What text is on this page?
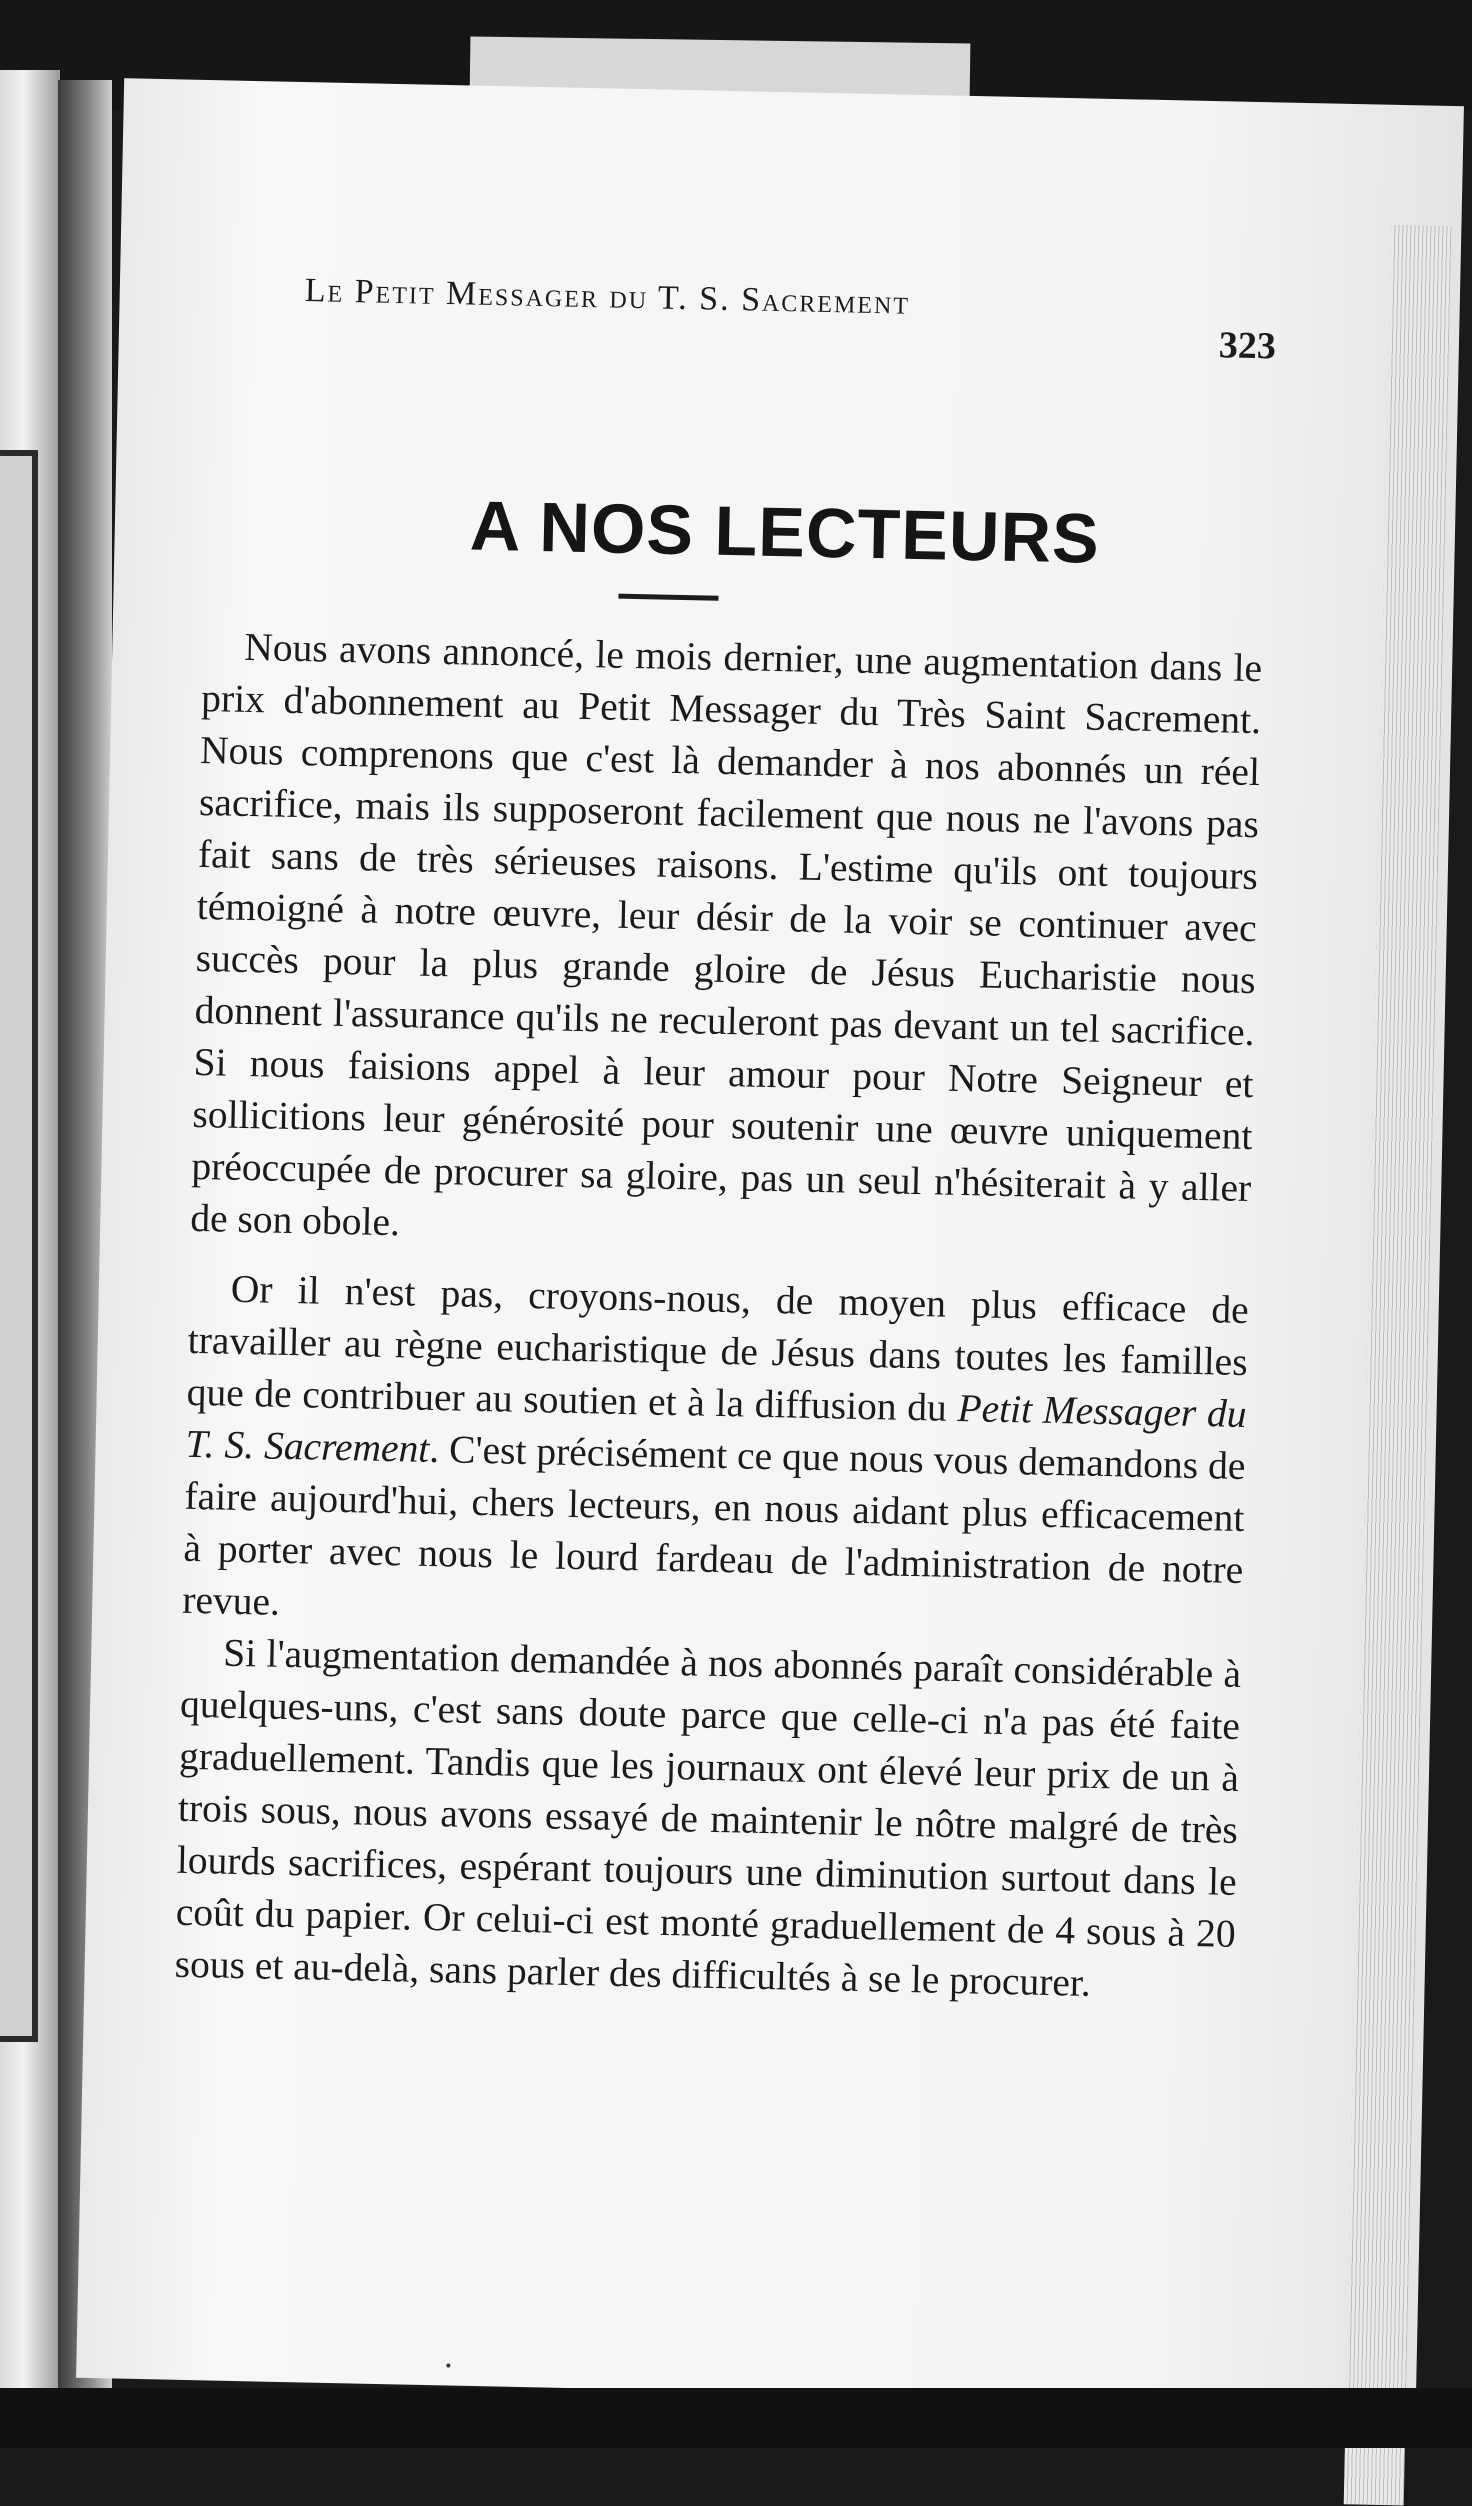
Le Petit Messager du T. S. Sacrement
323
A NOS LECTEURS

Nous avons annoncé, le mois dernier, une augmentation dans le prix d'abonnement au Petit Messager du Très Saint Sacrement. Nous comprenons que c'est là demander à nos abonnés un réel sacrifice, mais ils supposeront facilement que nous ne l'avons pas fait sans de très sérieuses raisons. L'estime qu'ils ont toujours témoigné à notre œuvre, leur désir de la voir se continuer avec succès pour la plus grande gloire de Jésus Eucharistie nous donnent l'assurance qu'ils ne reculeront pas devant un tel sacrifice. Si nous faisions appel à leur amour pour Notre Seigneur et sollicitions leur générosité pour soutenir une œuvre uniquement préoccupée de procurer sa gloire, pas un seul n'hésiterait à y aller de son obole.

Or il n'est pas, croyons-nous, de moyen plus efficace de travailler au règne eucharistique de Jésus dans toutes les familles que de contribuer au soutien et à la diffusion du Petit Messager du T. S. Sacrement. C'est précisément ce que nous vous demandons de faire aujourd'hui, chers lecteurs, en nous aidant plus efficacement à porter avec nous le lourd fardeau de l'administration de notre revue.

Si l'augmentation demandée à nos abonnés paraît considérable à quelques-uns, c'est sans doute parce que celle-ci n'a pas été faite graduellement. Tandis que les journaux ont élevé leur prix de un à trois sous, nous avons essayé de maintenir le nôtre malgré de très lourds sacrifices, espérant toujours une diminution surtout dans le coût du papier. Or celui-ci est monté graduellement de 4 sous à 20 sous et au-delà, sans parler des difficultés à se le procurer.
